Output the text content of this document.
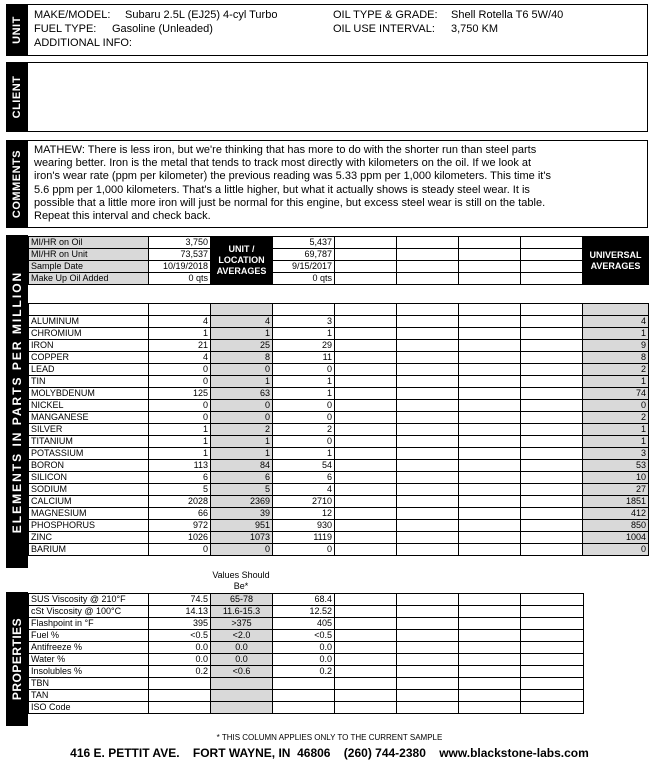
UNIT
MAKE/MODEL: Subaru 2.5L (EJ25) 4-cyl Turbo
FUEL TYPE: Gasoline (Unleaded)
ADDITIONAL INFO:
OIL TYPE & GRADE: Shell Rotella T6 5W/40
OIL USE INTERVAL: 3,750 KM
CLIENT
COMMENTS MATHEW: There is less iron, but we're thinking that has more to do with the shorter run than steel parts
wearing better. Iron is the metal that tends to track most directly with kilometers on the oil. If we look at
iron's wear rate (ppm per kilometer) the previous reading was 5.33 ppm per 1,000 kilometers. This time it's
5.6 ppm per 1,000 kilometers. That's a little higher, but what it actually shows is steady steel wear. It is
possible that a little more iron will just be normal for this engine, but excess steel wear is still on the table.
Repeat this interval and check back.
ELEMENTS IN PARTS PER MILLION
MI/HR on Oil	3,750	UNIT / LOCATION AVERAGES	5,437					UNIVERSAL AVERAGES
MI/HR on Unit	73,537		69,787					
Sample Date	10/19/2018		9/15/2017					
Make Up Oil Added	0 qts		0 qts					

ALUMINUM	4	4	3					4
CHROMIUM	1	1	1					1
IRON	21	25	29					9
COPPER	4	8	11					8
LEAD	0	0	0					2
TIN	0	1	1					1
MOLYBDENUM	125	63	1					74
NICKEL	0	0	0					0
MANGANESE	0	0	0					2
SILVER	1	2	2					1
TITANIUM	1	1	0					1
POTASSIUM	1	1	1					3
BORON	113	84	54					53
SILICON	6	6	6					10
SODIUM	5	5	4					27
CALCIUM	2028	2369	2710					1851
MAGNESIUM	66	39	12					412
PHOSPHORUS	972	951	930					850
ZINC	1026	1073	1119					1004
BARIUM	0	0	0					0
Values Should Be*
PROPERTIES
SUS Viscosity @ 210°F	74.5	65-78	68.4				
cSt Viscosity @ 100°C	14.13	11.6-15.3	12.52				
Flashpoint in °F	395	>375	405				
Fuel %	<0.5	<2.0	<0.5				
Antifreeze %	0.0	0.0	0.0				
Water %	0.0	0.0	0.0				
Insolubles %	0.2	<0.6	0.2				
TBN							
TAN							
ISO Code							
* THIS COLUMN APPLIES ONLY TO THE CURRENT SAMPLE
416 E. PETTIT AVE.    FORT WAYNE, IN  46806    (260) 744-2380    www.blackstone-labs.com
